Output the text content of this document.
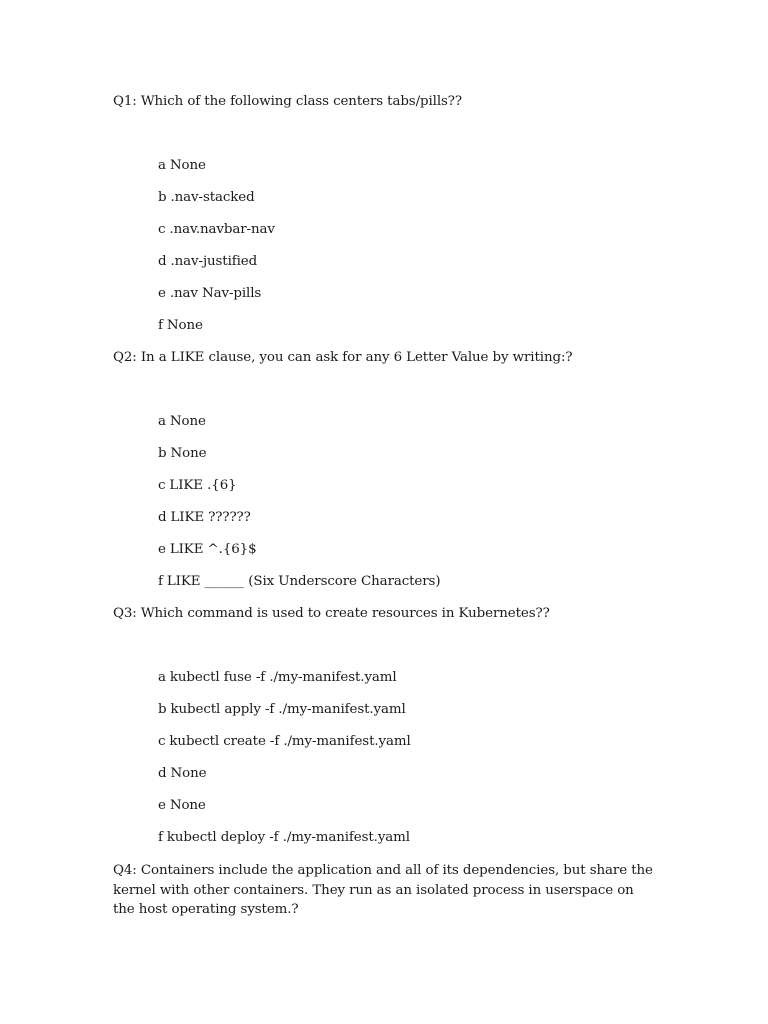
Q1: Which of the following class centers tabs/pills??
a None
b .nav-stacked
c .nav.navbar-nav
d .nav-justified
e .nav Nav-pills
f None
Q2: In a LIKE clause, you can ask for any 6 Letter Value by writing:?
a None
b None
c LIKE .{6}
d LIKE ??????
e LIKE ^.{6}$
f LIKE ______ (Six Underscore Characters)
Q3: Which command is used to create resources in Kubernetes??
a kubectl fuse -f ./my-manifest.yaml
b kubectl apply -f ./my-manifest.yaml
c kubectl create -f ./my-manifest.yaml
d None
e None
f kubectl deploy -f ./my-manifest.yaml
Q4: Containers include the application and all of its dependencies, but share the kernel with other containers. They run as an isolated process in userspace on the host operating system.?
